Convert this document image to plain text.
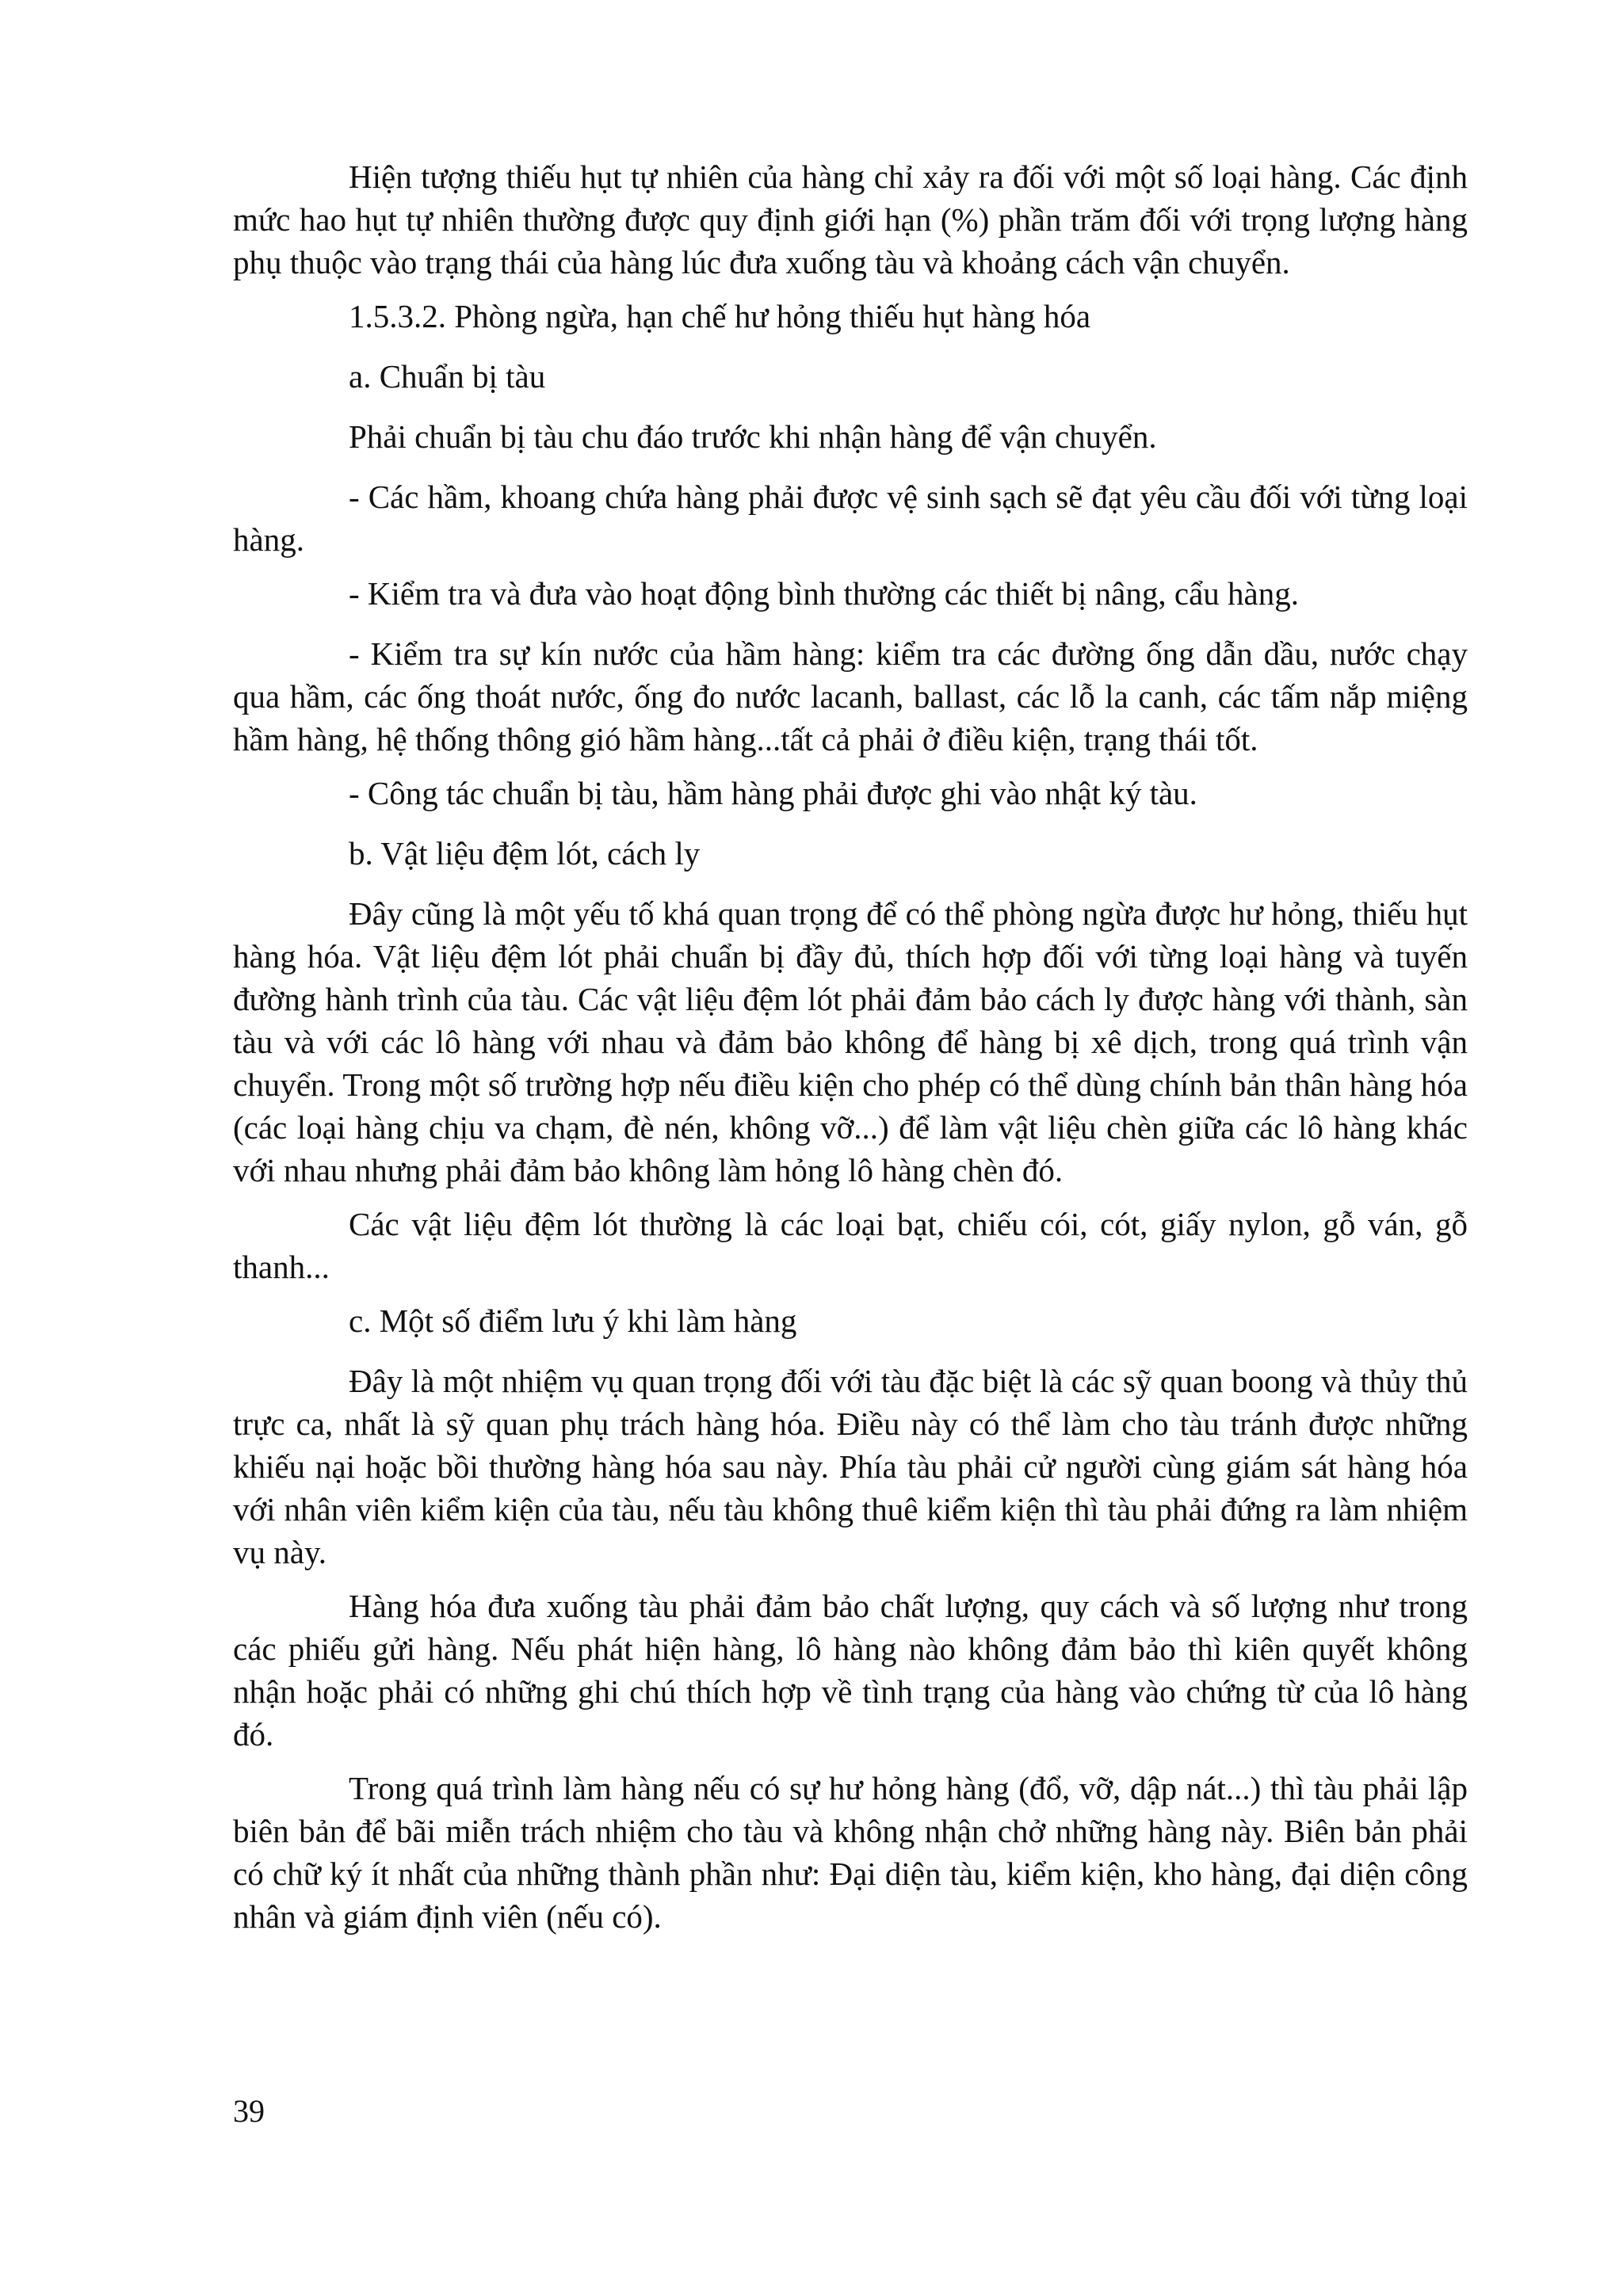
Hiện tượng thiếu hụt tự nhiên của hàng chỉ xảy ra đối với một số loại hàng. Các định mức hao hụt tự nhiên thường được quy định giới hạn (%) phần trăm đối với trọng lượng hàng phụ thuộc vào trạng thái của hàng lúc đưa xuống tàu và khoảng cách vận chuyển.

1.5.3.2. Phòng ngừa, hạn chế hư hỏng thiếu hụt hàng hóa

a. Chuẩn bị tàu

Phải chuẩn bị tàu chu đáo trước khi nhận hàng để vận chuyển.

- Các hầm, khoang chứa hàng phải được vệ sinh sạch sẽ đạt yêu cầu đối với từng loại hàng.

- Kiểm tra và đưa vào hoạt động bình thường các thiết bị nâng, cẩu hàng.

- Kiểm tra sự kín nước của hầm hàng: kiểm tra các đường ống dẫn dầu, nước chạy qua hầm, các ống thoát nước, ống đo nước lacanh, ballast, các lỗ la canh, các tấm nắp miệng hầm hàng, hệ thống thông gió hầm hàng...tất cả phải ở điều kiện, trạng thái tốt.

- Công tác chuẩn bị tàu, hầm hàng phải được ghi vào nhật ký tàu.

b. Vật liệu đệm lót, cách ly

Đây cũng là một yếu tố khá quan trọng để có thể phòng ngừa được hư hỏng, thiếu hụt hàng hóa. Vật liệu đệm lót phải chuẩn bị đầy đủ, thích hợp đối với từng loại hàng và tuyến đường hành trình của tàu. Các vật liệu đệm lót phải đảm bảo cách ly được hàng với thành, sàn tàu và với các lô hàng với nhau và đảm bảo không để hàng bị xê dịch, trong quá trình vận chuyển. Trong một số trường hợp nếu điều kiện cho phép có thể dùng chính bản thân hàng hóa (các loại hàng chịu va chạm, đè nén, không vỡ...) để làm vật liệu chèn giữa các lô hàng khác với nhau nhưng phải đảm bảo không làm hỏng lô hàng chèn đó.

Các vật liệu đệm lót thường là các loại bạt, chiếu cói, cót, giấy nylon, gỗ ván, gỗ thanh...

c. Một số điểm lưu ý khi làm hàng

Đây là một nhiệm vụ quan trọng đối với tàu đặc biệt là các sỹ quan boong và thủy thủ trực ca, nhất là sỹ quan phụ trách hàng hóa. Điều này có thể làm cho tàu tránh được những khiếu nại hoặc bồi thường hàng hóa sau này. Phía tàu phải cử người cùng giám sát hàng hóa với nhân viên kiểm kiện của tàu, nếu tàu không thuê kiểm kiện thì tàu phải đứng ra làm nhiệm vụ này.

Hàng hóa đưa xuống tàu phải đảm bảo chất lượng, quy cách và số lượng như trong các phiếu gửi hàng. Nếu phát hiện hàng, lô hàng nào không đảm bảo thì kiên quyết không nhận hoặc phải có những ghi chú thích hợp về tình trạng của hàng vào chứng từ của lô hàng đó.

Trong quá trình làm hàng nếu có sự hư hỏng hàng (đổ, vỡ, dập nát...) thì tàu phải lập biên bản để bãi miễn trách nhiệm cho tàu và không nhận chở những hàng này. Biên bản phải có chữ ký ít nhất của những thành phần như: Đại diện tàu, kiểm kiện, kho hàng, đại diện công nhân và giám định viên (nếu có).

39
